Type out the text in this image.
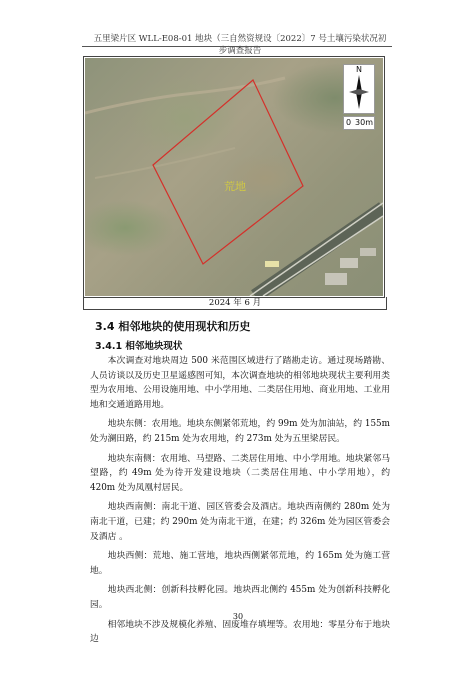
五里梁片区 WLL-E08-01 地块（三自然资规设〔2022〕7 号土壤污染状况初步调查报告
荒地
N
0 30m
2024 年 6 月
3.4 相邻地块的使用现状和历史
3.4.1 相邻地块现状

本次调查对地块周边 500 米范围区域进行了踏勘走访。通过现场踏勘、人员访谈以及历史卫星遥感图可知，本次调查地块的相邻地块现状主要利用类型为农用地、公用设施用地、中小学用地、二类居住用地、商业用地、工业用地和交通道路用地。

地块东侧：农用地。地块东侧紧邻荒地，约 99m 处为加油站，约 155m 处为澜田路，约 215m 处为农用地，约 273m 处为五里梁居民。

地块东南侧：农用地、马望路、二类居住用地、中小学用地。地块紧邻马望路，约 49m 处为待开发建设地块（二类居住用地、中小学用地），约 420m 处为凤凰村居民。

地块西南侧：南北干道、园区管委会及酒店。地块西南侧约 280m 处为南北干道，已建；约 290m 处为南北干道，在建；约 326m 处为园区管委会及酒店 。

地块西侧：荒地、施工营地，地块西侧紧邻荒地，约 165m 处为施工营地。

地块西北侧：创新科技孵化园。地块西北侧约 455m 处为创新科技孵化园。

相邻地块不涉及规模化养殖、固废堆存填埋等。农用地：零星分布于地块边

30
